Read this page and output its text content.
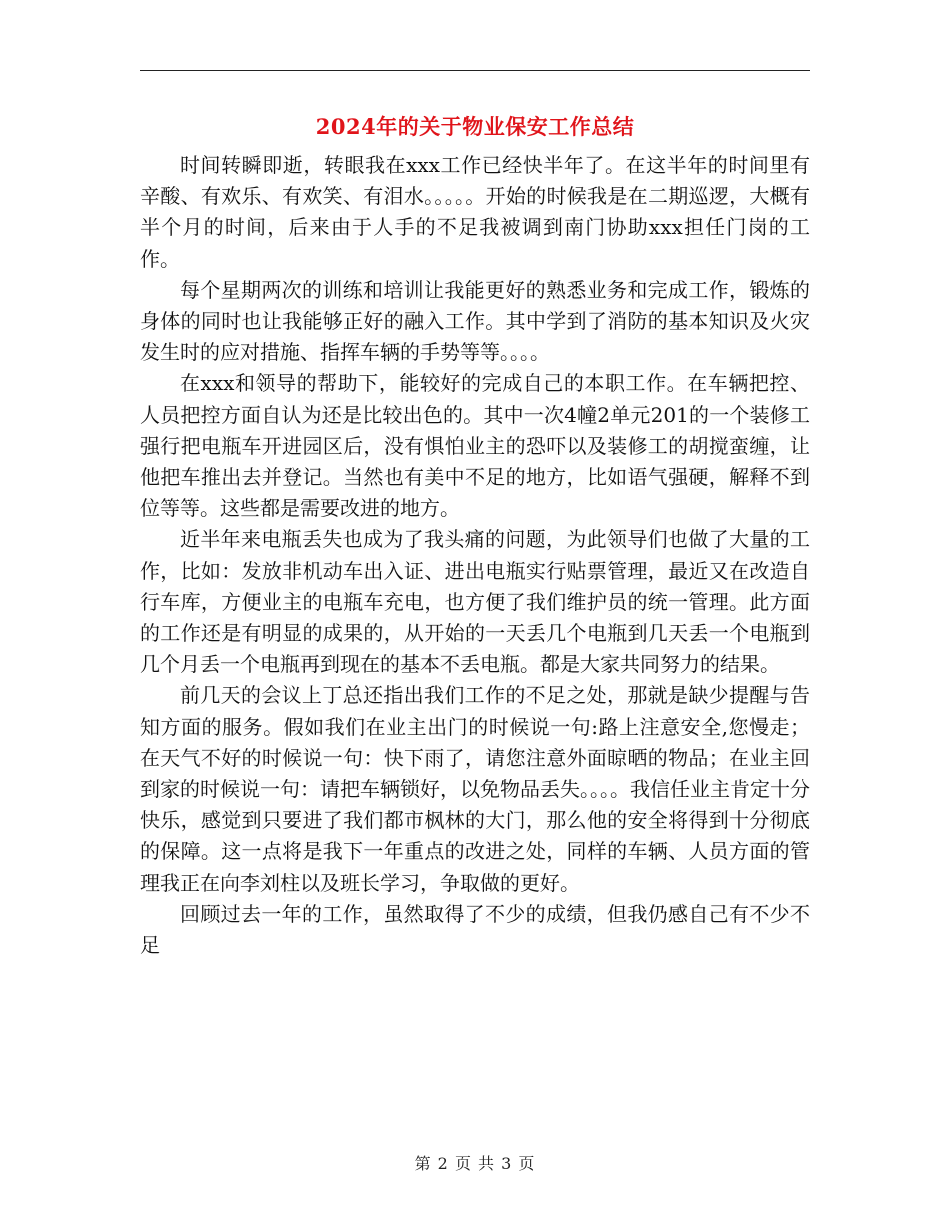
2024年的关于物业保安工作总结

时间转瞬即逝，转眼我在xxx工作已经快半年了。在这半年的时间里有辛酸、有欢乐、有欢笑、有泪水。。。。。开始的时候我是在二期巡逻，大概有半个月的时间，后来由于人手的不足我被调到南门协助xxx担任门岗的工作。

每个星期两次的训练和培训让我能更好的熟悉业务和完成工作，锻炼的身体的同时也让我能够正好的融入工作。其中学到了消防的基本知识及火灾发生时的应对措施、指挥车辆的手势等等。。。。

在xxx和领导的帮助下，能较好的完成自己的本职工作。在车辆把控、人员把控方面自认为还是比较出色的。其中一次4幢2单元201的一个装修工强行把电瓶车开进园区后，没有惧怕业主的恐吓以及装修工的胡搅蛮缠，让他把车推出去并登记。当然也有美中不足的地方，比如语气强硬，解释不到位等等。这些都是需要改进的地方。

近半年来电瓶丢失也成为了我头痛的问题，为此领导们也做了大量的工作，比如：发放非机动车出入证、进出电瓶实行贴票管理，最近又在改造自行车库，方便业主的电瓶车充电，也方便了我们维护员的统一管理。此方面的工作还是有明显的成果的，从开始的一天丢几个电瓶到几天丢一个电瓶到几个月丢一个电瓶再到现在的基本不丢电瓶。都是大家共同努力的结果。

前几天的会议上丁总还指出我们工作的不足之处，那就是缺少提醒与告知方面的服务。假如我们在业主出门的时候说一句:路上注意安全,您慢走；在天气不好的时候说一句：快下雨了，请您注意外面晾晒的物品；在业主回到家的时候说一句：请把车辆锁好，以免物品丢失。。。。我信任业主肯定十分快乐，感觉到只要进了我们都市枫林的大门，那么他的安全将得到十分彻底的保障。这一点将是我下一年重点的改进之处，同样的车辆、人员方面的管理我正在向李刘柱以及班长学习，争取做的更好。

回顾过去一年的工作，虽然取得了不少的成绩，但我仍感自己有不少不足

第 2 页 共 3 页
